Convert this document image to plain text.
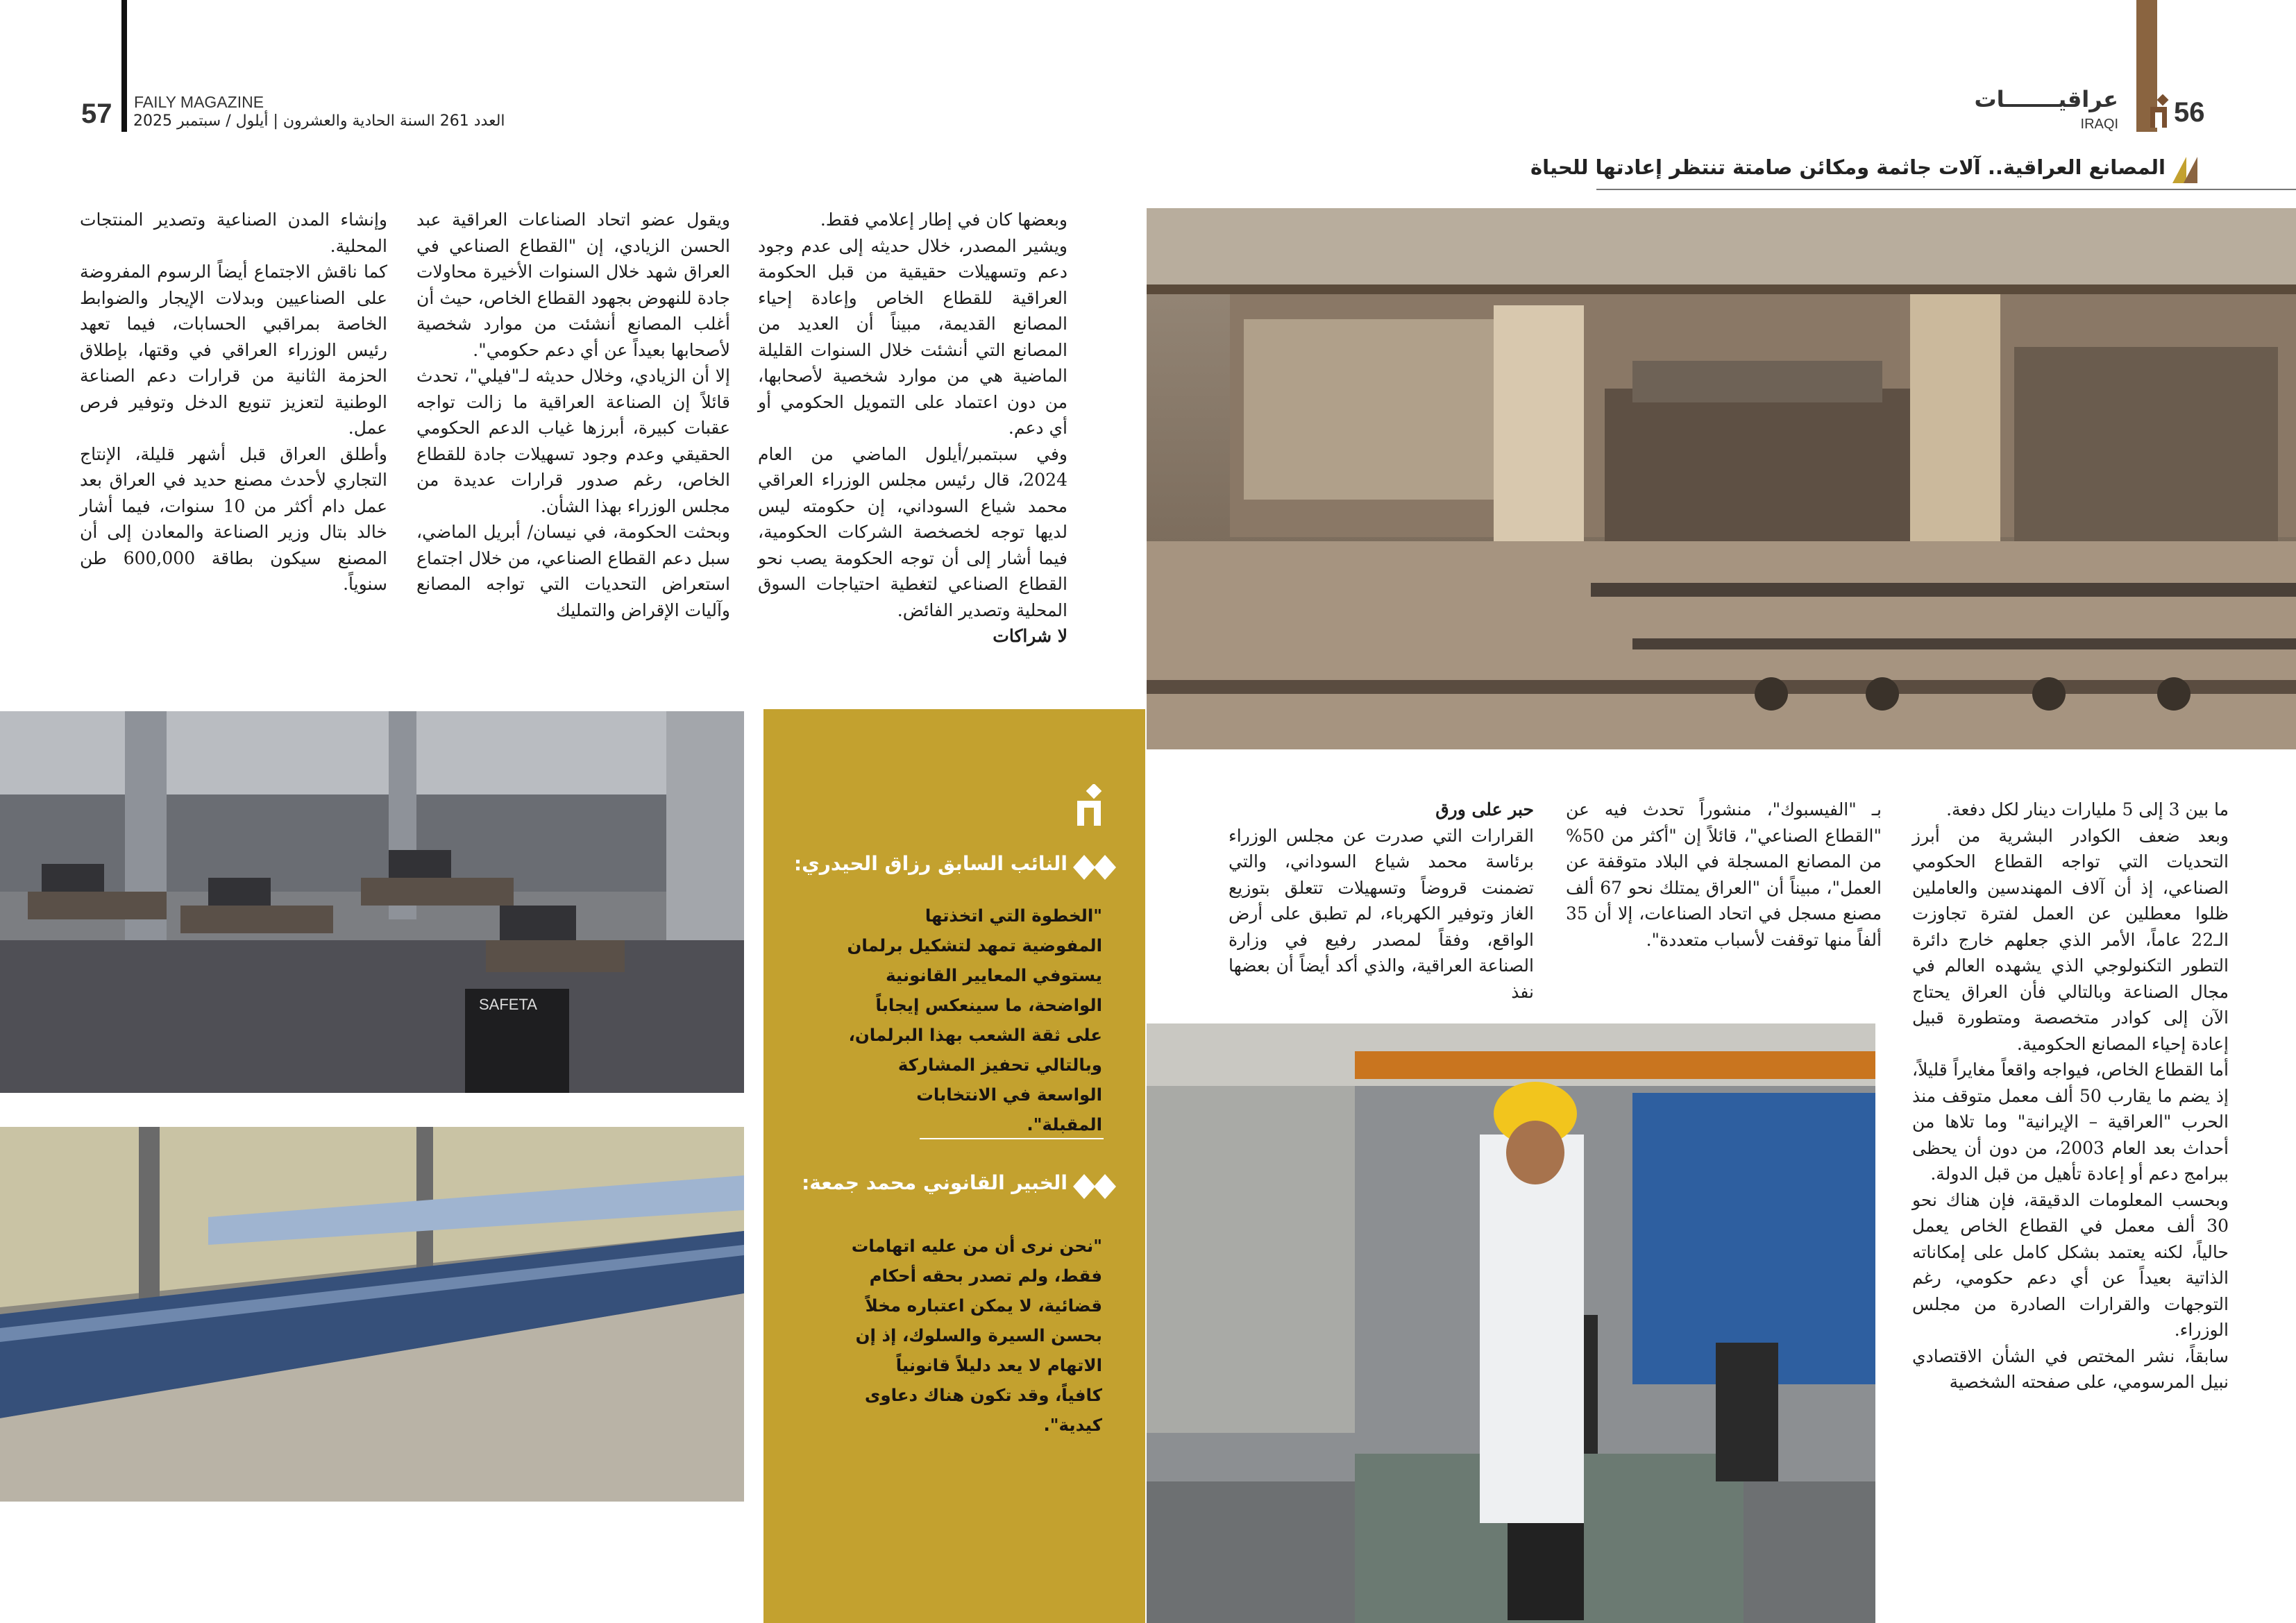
57 FAILY MAGAZINE
العدد 261 السنة الحادية والعشرون | أيلول / سبتمبر 2025	56
عراقيـــــــات
IRAQI
المصانع العراقية.. آلات جاثمة ومكائن صامتة تنتظر إعادتها للحياة

وبعضها كان في إطار إعلامي فقط.

ويشير المصدر، خلال حديثه إلى عدم وجود دعم وتسهيلات حقيقية من قبل الحكومة العراقية للقطاع الخاص وإعادة إحياء المصانع القديمة، مبيناً أن العديد من المصانع التي أنشئت خلال السنوات القليلة الماضية هي من موارد شخصية لأصحابها، من دون اعتماد على التمويل الحكومي أو أي دعم.

وفي سبتمبر/أيلول الماضي من العام 2024، قال رئيس مجلس الوزراء العراقي محمد شياع السوداني، إن حكومته ليس لديها توجه لخصخصة الشركات الحكومية، فيما أشار إلى أن توجه الحكومة يصب نحو القطاع الصناعي لتغطية احتياجات السوق المحلية وتصدير الفائض.

لا شراكات

ويقول عضو اتحاد الصناعات العراقية عبد الحسن الزيادي، إن "القطاع الصناعي في العراق شهد خلال السنوات الأخيرة محاولات جادة للنهوض بجهود القطاع الخاص، حيث أن أغلب المصانع أنشئت من موارد شخصية لأصحابها بعيداً عن أي دعم حكومي".

إلا أن الزيادي، وخلال حديثه لـ"فيلي"، تحدث قائلاً إن الصناعة العراقية ما زالت تواجه عقبات كبيرة، أبرزها غياب الدعم الحكومي الحقيقي وعدم وجود تسهيلات جادة للقطاع الخاص، رغم صدور قرارات عديدة من مجلس الوزراء بهذا الشأن.

وبحثت الحكومة، في نيسان/ أبريل الماضي، سبل دعم القطاع الصناعي، من خلال اجتماع استعراض التحديات التي تواجه المصانع وآليات الإقراض والتمليك

وإنشاء المدن الصناعية وتصدير المنتجات المحلية.

كما ناقش الاجتماع أيضاً الرسوم المفروضة على الصناعيين وبدلات الإيجار والضوابط الخاصة بمراقبي الحسابات، فيما تعهد رئيس الوزراء العراقي في وقتها، بإطلاق الحزمة الثانية من قرارات دعم الصناعة الوطنية لتعزيز تنويع الدخل وتوفير فرص عمل.

وأطلق العراق قبل أشهر قليلة، الإنتاج التجاري لأحدث مصنع حديد في العراق بعد عمل دام أكثر من 10 سنوات، فيما أشار خالد بتال وزير الصناعة والمعادن إلى أن المصنع سيكون بطاقة 600,000 طن سنوياً.

ما بين 3 إلى 5 مليارات دينار لكل دفعة.

وبعد ضعف الكوادر البشرية من أبرز التحديات التي تواجه القطاع الحكومي الصناعي، إذ أن آلاف المهندسين والعاملين ظلوا معطلين عن العمل لفترة تجاوزت الـ22 عاماً، الأمر الذي جعلهم خارج دائرة التطور التكنولوجي الذي يشهده العالم في مجال الصناعة وبالتالي فأن العراق يحتاج الآن إلى كوادر متخصصة ومتطورة قبيل إعادة إحياء المصانع الحكومية.

أما القطاع الخاص، فيواجه واقعاً مغايراً قليلاً، إذ يضم ما يقارب 50 ألف معمل متوقف منذ الحرب "العراقية – الإيرانية" وما تلاها من أحداث بعد العام 2003، من دون أن يحظى ببرامج دعم أو إعادة تأهيل من قبل الدولة.

وبحسب المعلومات الدقيقة، فإن هناك نحو 30 ألف معمل في القطاع الخاص يعمل حالياً، لكنه يعتمد بشكل كامل على إمكاناته الذاتية بعيداً عن أي دعم حكومي، رغم التوجهات والقرارات الصادرة من مجلس الوزراء.

سابقاً، نشر المختص في الشأن الاقتصادي نبيل المرسومي، على صفحته الشخصية

بـ "الفيسبوك"، منشوراً تحدث فيه عن "القطاع الصناعي"، قائلاً إن "أكثر من 50% من المصانع المسجلة في البلاد متوقفة عن العمل"، مبيناً أن "العراق يمتلك نحو 67 ألف مصنع مسجل في اتحاد الصناعات، إلا أن 35 ألفاً منها توقفت لأسباب متعددة".

حبر على ورق

القرارات التي صدرت عن مجلس الوزراء برئاسة محمد شياع السوداني، والتي تضمنت قروضاً وتسهيلات تتعلق بتوزيع الغاز وتوفير الكهرباء، لم تطبق على أرض الواقع، وفقاً لمصدر رفيع في وزارة الصناعة العراقية، والذي أكد أيضاً أن بعضها نفذ

النائب السابق رزاق الحيدري:

"الخطوة التي اتخذتها المفوضية تمهد لتشكيل برلمان يستوفي المعايير القانونية الواضحة، ما سينعكس إيجاباً على ثقة الشعب بهذا البرلمان، وبالتالي تحفيز المشاركة الواسعة في الانتخابات المقبلة".

الخبير القانوني محمد جمعة:

"نحن نرى أن من عليه اتهامات فقط، ولم تصدر بحقه أحكام قضائية، لا يمكن اعتباره مخلاً بحسن السيرة والسلوك، إذ إن الاتهام لا يعد دليلاً قانونياً كافياً، وقد تكون هناك دعاوى كيدية".

SAFETA
